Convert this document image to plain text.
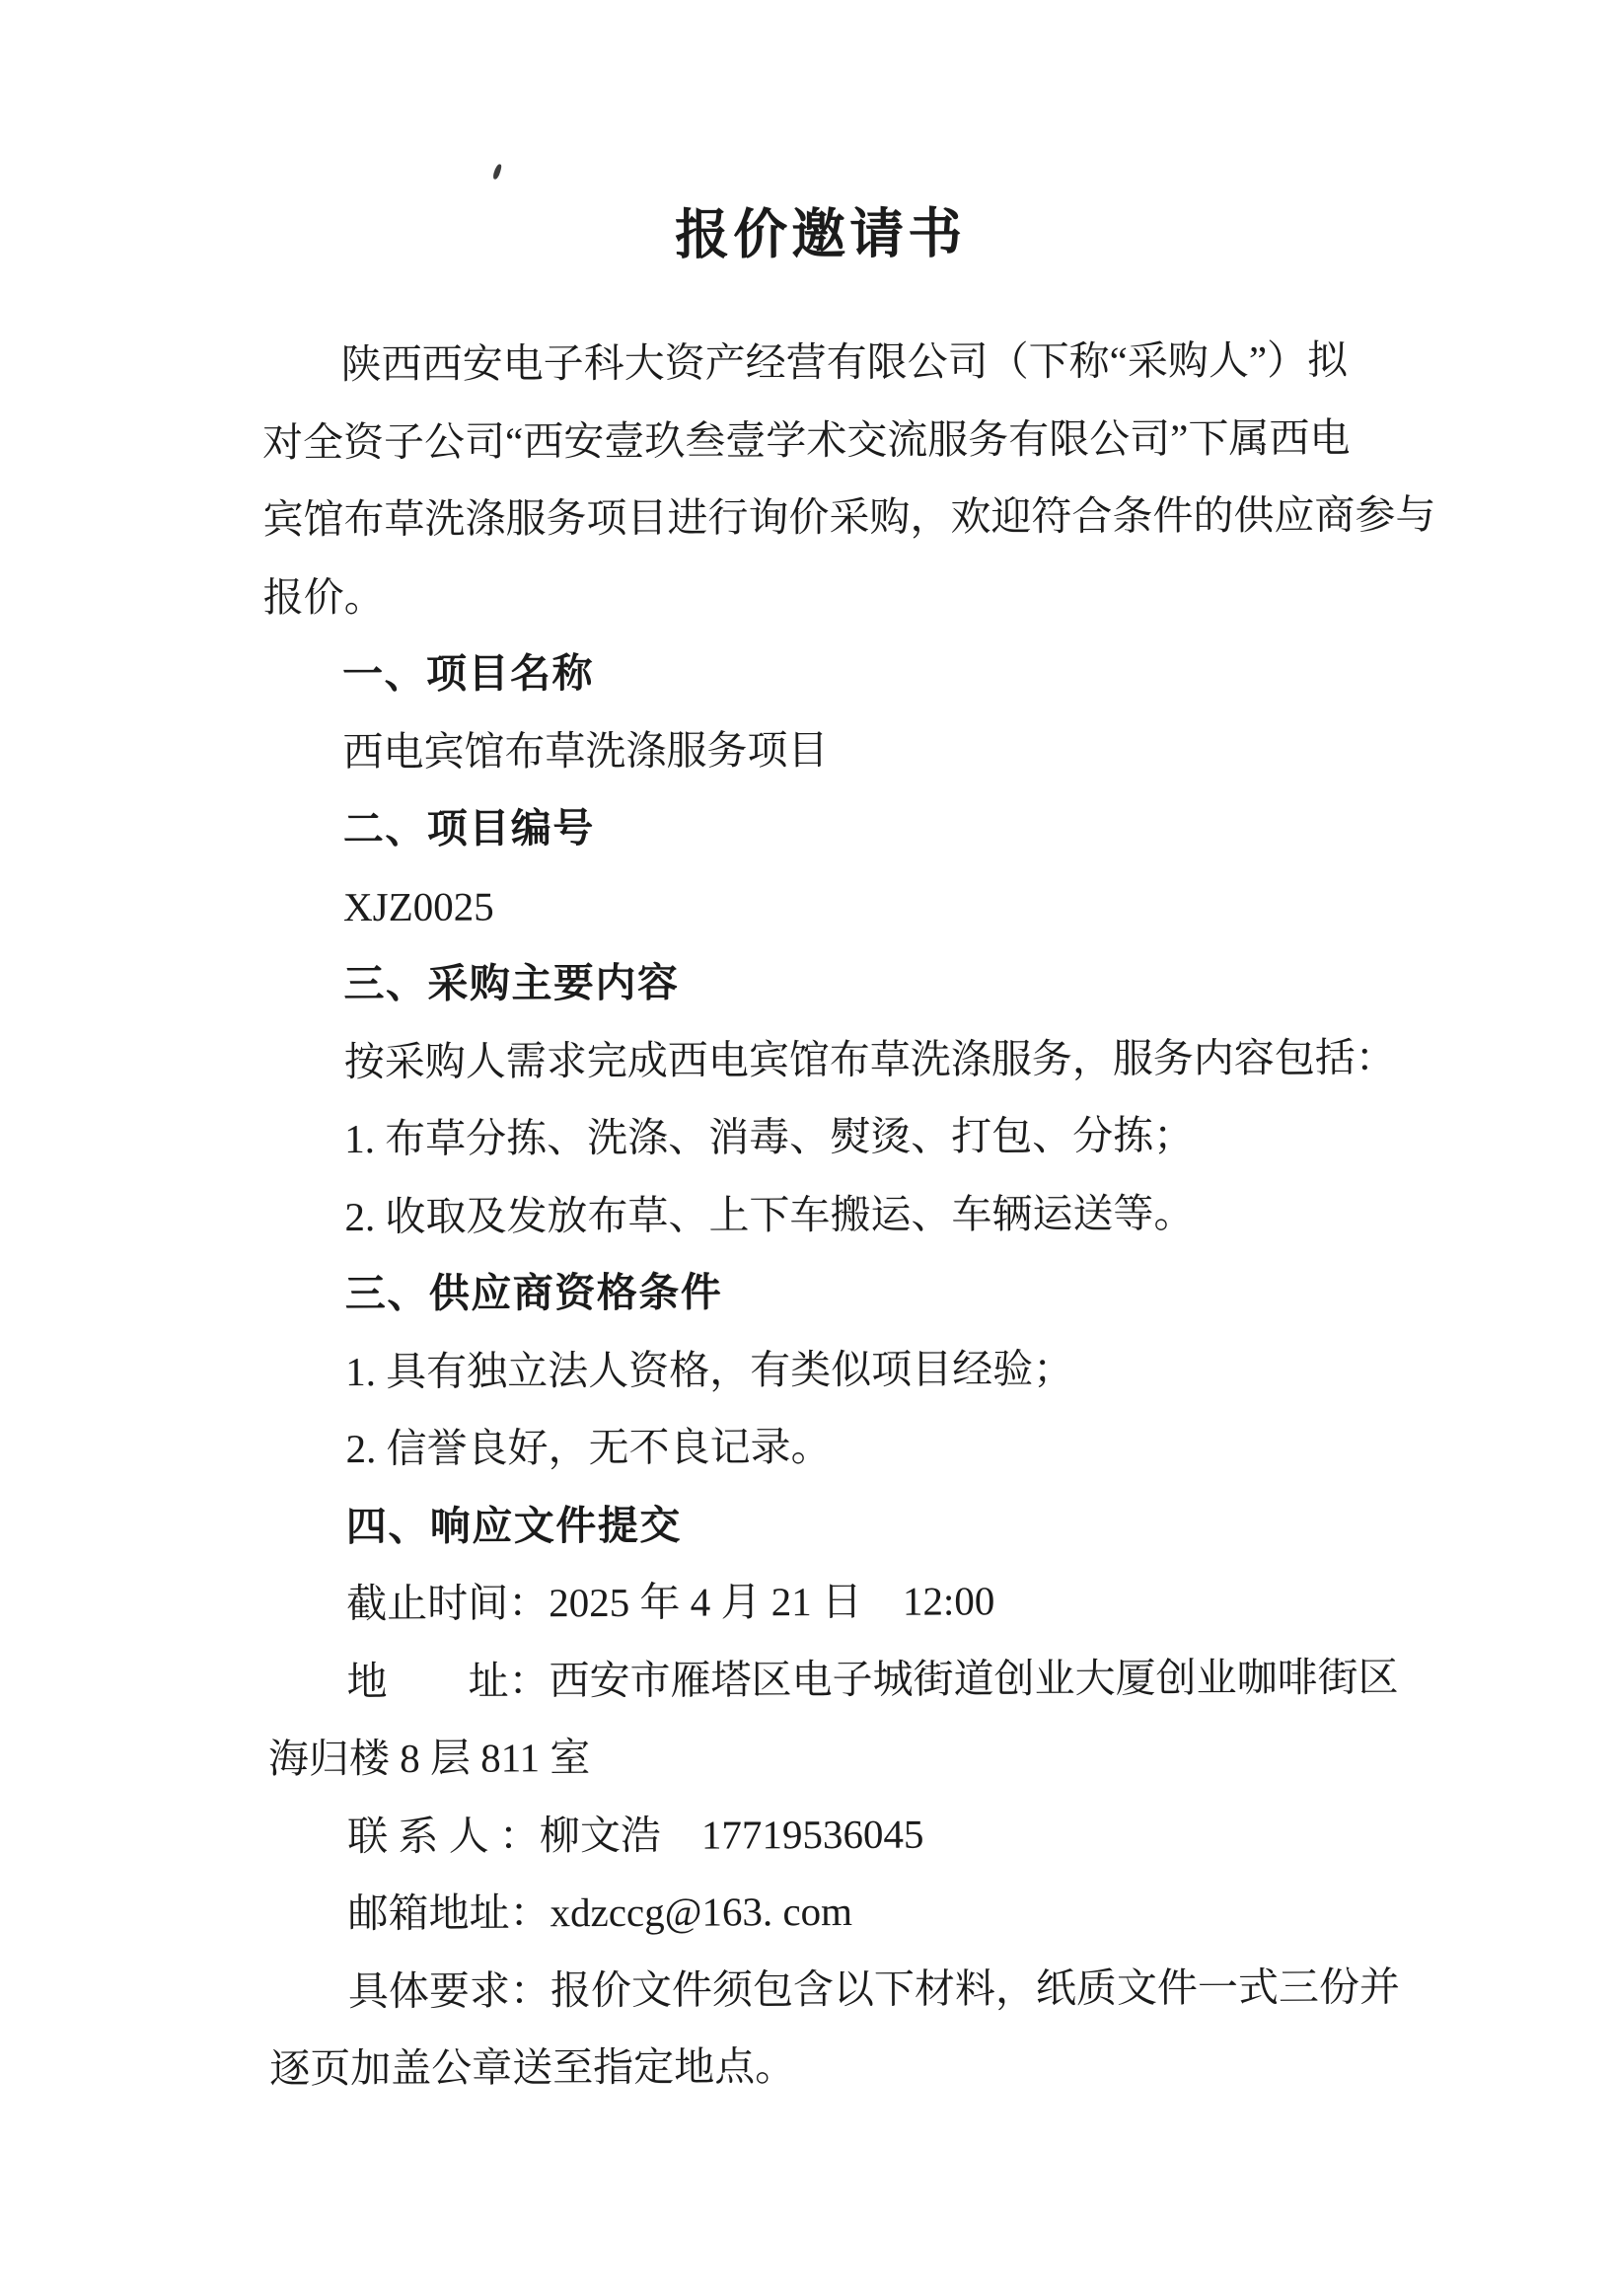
报价邀请书
陕西西安电子科大资产经营有限公司（下称“采购人”）拟
对全资子公司“西安壹玖叁壹学术交流服务有限公司”下属西电
宾馆布草洗涤服务项目进行询价采购，欢迎符合条件的供应商参与
报价。
一、项目名称
西电宾馆布草洗涤服务项目
二、项目编号
XJZ0025
三、采购主要内容
按采购人需求完成西电宾馆布草洗涤服务，服务内容包括：
1. 布草分拣、洗涤、消毒、熨烫、打包、分拣；
2. 收取及发放布草、上下车搬运、车辆运送等。
三、供应商资格条件
1. 具有独立法人资格，有类似项目经验；
2. 信誉良好，无不良记录。
四、响应文件提交
截止时间：2025 年 4 月 21 日　12:00
地　　址：西安市雁塔区电子城街道创业大厦创业咖啡街区
海归楼 8 层 811 室
联 系 人 ：柳文浩　17719536045
邮箱地址：xdzccg@163. com
具体要求：报价文件须包含以下材料，纸质文件一式三份并
逐页加盖公章送至指定地点。
